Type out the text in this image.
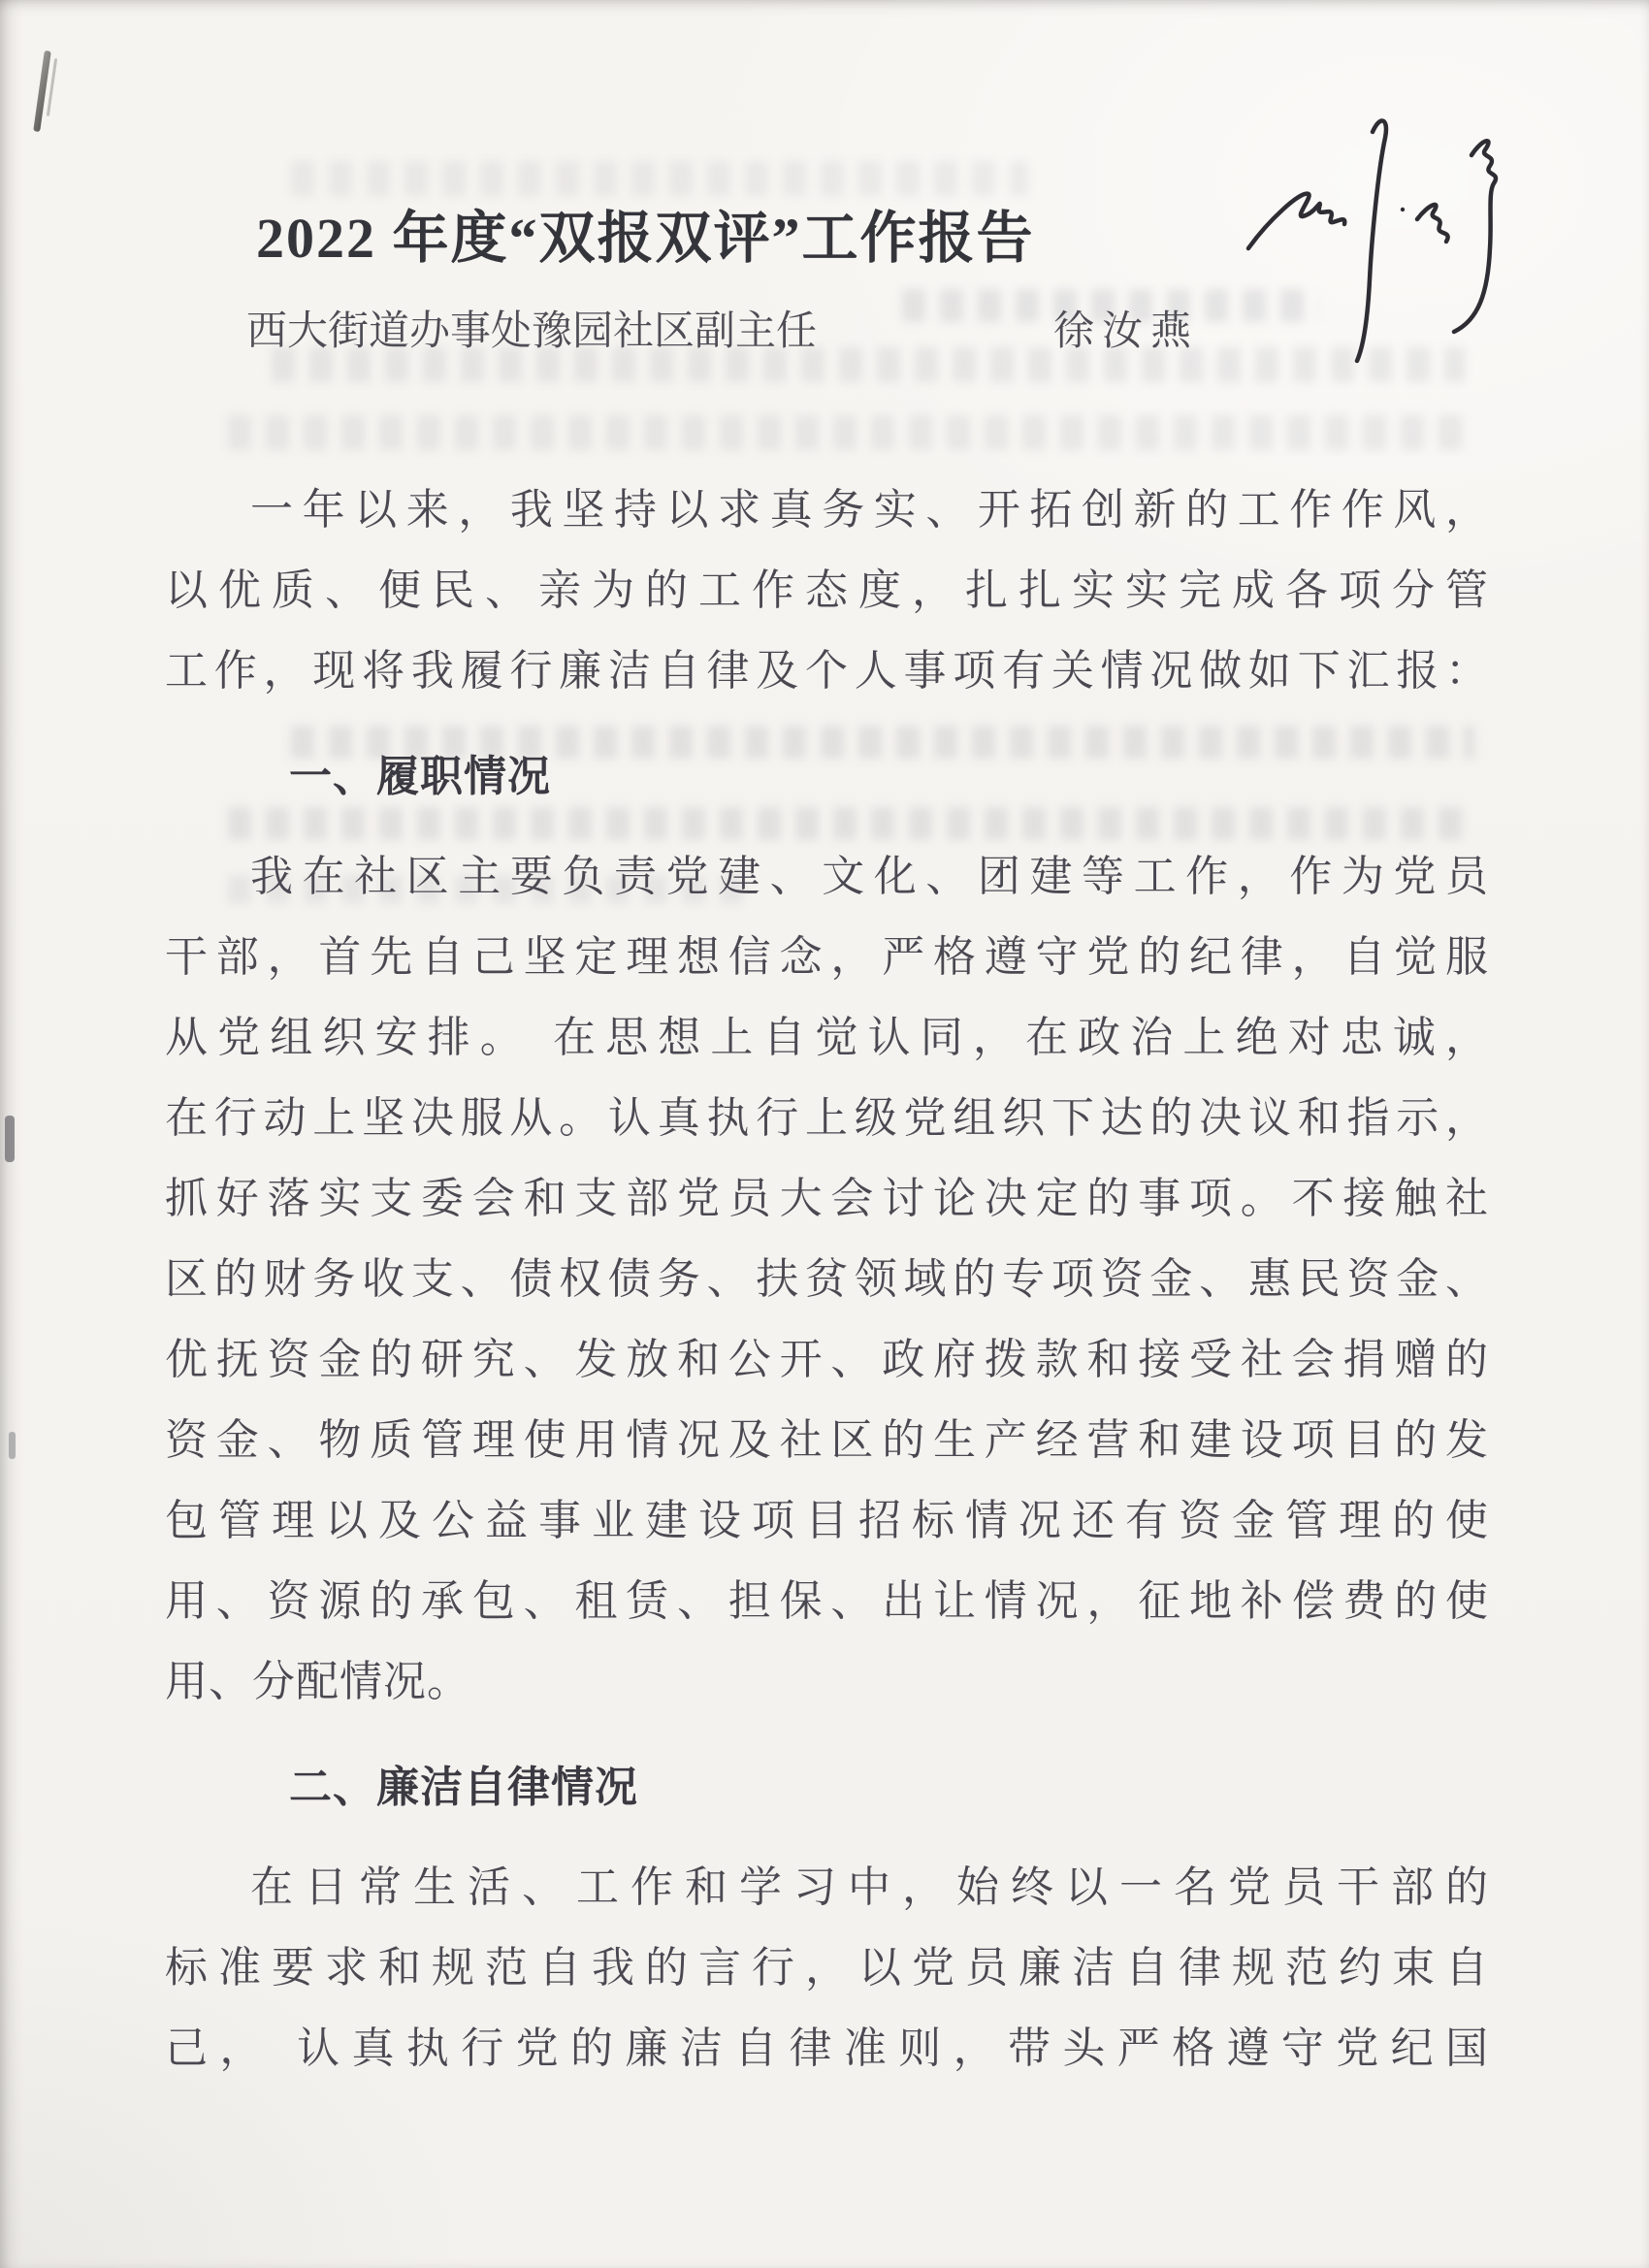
2022 年度“双报双评”工作报告
西大街道办事处豫园社区副主任	徐汝燕
一年以来，我坚持以求真务实、开拓创新的工作作风，
以优质、便民、亲为的工作态度，扎扎实实完成各项分管
工作，现将我履行廉洁自律及个人事项有关情况做如下汇报：
一、履职情况
我在社区主要负责党建、文化、团建等工作，作为党员
干部，首先自己坚定理想信念，严格遵守党的纪律，自觉服
从党组织安排。 在思想上自觉认同，在政治上绝对忠诚，
在行动上坚决服从。认真执行上级党组织下达的决议和指示，
抓好落实支委会和支部党员大会讨论决定的事项。不接触社
区的财务收支、债权债务、扶贫领域的专项资金、惠民资金、
优抚资金的研究、发放和公开、政府拨款和接受社会捐赠的
资金、物质管理使用情况及社区的生产经营和建设项目的发
包管理以及公益事业建设项目招标情况还有资金管理的使
用、资源的承包、租赁、担保、出让情况，征地补偿费的使
用、分配情况。
二、廉洁自律情况
在日常生活、工作和学习中，始终以一名党员干部的
标准要求和规范自我的言行，以党员廉洁自律规范约束自
己， 认真执行党的廉洁自律准则，带头严格遵守党纪国
